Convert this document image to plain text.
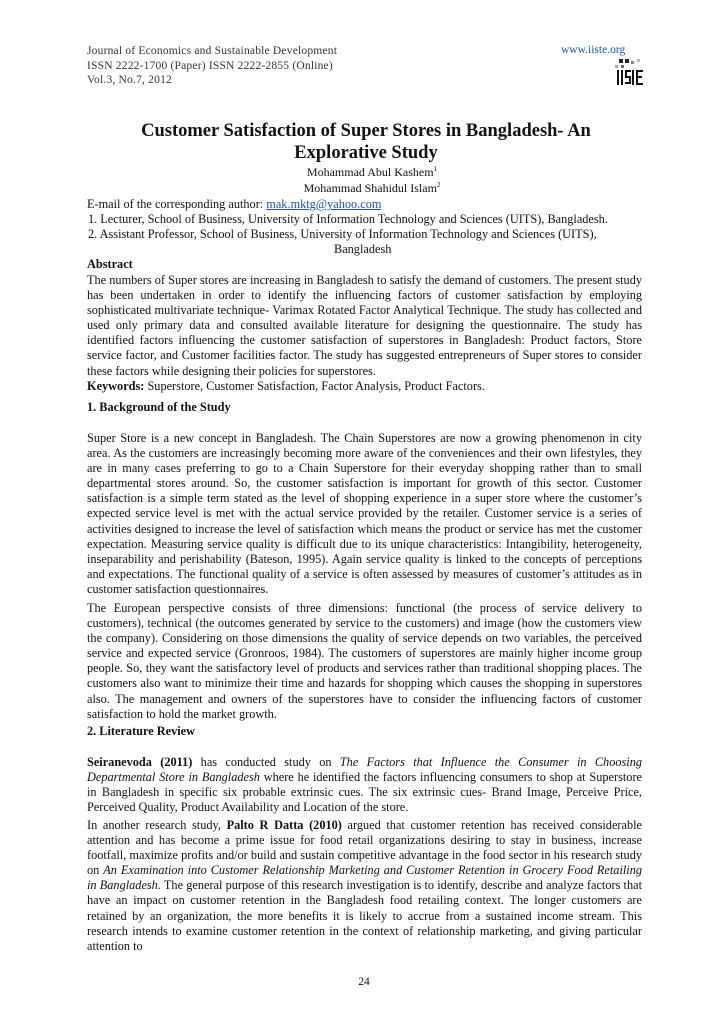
Journal of Economics and Sustainable Development
ISSN 2222-1700 (Paper) ISSN 2222-2855 (Online)
Vol.3, No.7, 2012
www.iiste.org
Customer Satisfaction of Super Stores in Bangladesh- An
Explorative Study
Mohammad Abul Kashem$^1$
Mohammad Shahidul Islam$^2$
E-mail of the corresponding author: mak.mktg@yahoo.com
1. Lecturer, School of Business, University of Information Technology and Sciences (UITS), Bangladesh.
2. Assistant Professor, School of Business, University of Information Technology and Sciences (UITS),
Bangladesh
Abstract

The numbers of Super stores are increasing in Bangladesh to satisfy the demand of customers. The present study has been undertaken in order to identify the influencing factors of customer satisfaction by employing sophisticated multivariate technique- Varimax Rotated Factor Analytical Technique. The study has collected and used only primary data and consulted available literature for designing the questionnaire. The study has identified factors influencing the customer satisfaction of superstores in Bangladesh: Product factors, Store service factor, and Customer facilities factor. The study has suggested entrepreneurs of Super stores to consider these factors while designing their policies for superstores.

Keywords: Superstore, Customer Satisfaction, Factor Analysis, Product Factors.

1. Background of the Study
Super Store is a new concept in Bangladesh. The Chain Superstores are now a growing phenomenon in city area. As the customers are increasingly becoming more aware of the conveniences and their own lifestyles, they are in many cases preferring to go to a Chain Superstore for their everyday shopping rather than to small departmental stores around. So, the customer satisfaction is important for growth of this sector. Customer satisfaction is a simple term stated as the level of shopping experience in a super store where the customer’s expected service level is met with the actual service provided by the retailer. Customer service is a series of activities designed to increase the level of satisfaction which means the product or service has met the customer expectation. Measuring service quality is difficult due to its unique characteristics: Intangibility, heterogeneity, inseparability and perishability (Bateson, 1995). Again service quality is linked to the concepts of perceptions and expectations. The functional quality of a service is often assessed by measures of customer’s attitudes as in customer satisfaction questionnaires.
The European perspective consists of three dimensions: functional (the process of service delivery to customers), technical (the outcomes generated by service to the customers) and image (how the customers view the company). Considering on those dimensions the quality of service depends on two variables, the perceived service and expected service (Gronroos, 1984). The customers of superstores are mainly higher income group people. So, they want the satisfactory level of products and services rather than traditional shopping places. The customers also want to minimize their time and hazards for shopping which causes the shopping in superstores also. The management and owners of the superstores have to consider the influencing factors of customer satisfaction to hold the market growth.
2. Literature Review
Seiranevoda (2011) has conducted study on The Factors that Influence the Consumer in Choosing Departmental Store in Bangladesh where he identified the factors influencing consumers to shop at Superstore in Bangladesh in specific six probable extrinsic cues. The six extrinsic cues- Brand Image, Perceive Price, Perceived Quality, Product Availability and Location of the store.
In another research study, Palto R Datta (2010) argued that customer retention has received considerable attention and has become a prime issue for food retail organizations desiring to stay in business, increase footfall, maximize profits and/or build and sustain competitive advantage in the food sector in his research study on An Examination into Customer Relationship Marketing and Customer Retention in Grocery Food Retailing in Bangladesh. The general purpose of this research investigation is to identify, describe and analyze factors that have an impact on customer retention in the Bangladesh food retailing context. The longer customers are retained by an organization, the more benefits it is likely to accrue from a sustained income stream. This research intends to examine customer retention in the context of relationship marketing, and giving particular attention to
24
